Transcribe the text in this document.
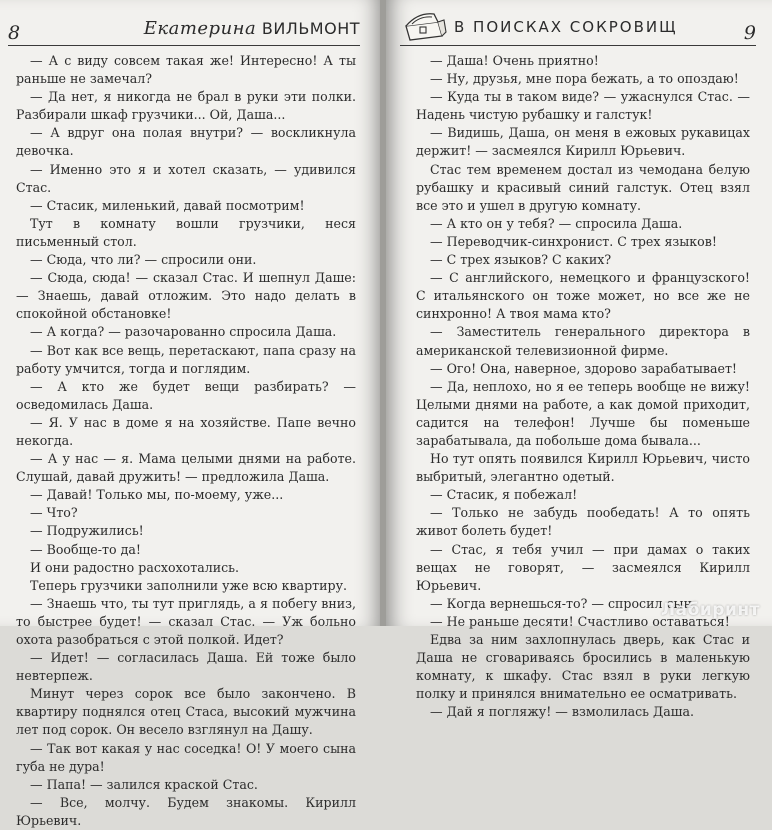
8	Екатерина ВИЛЬМОНТ

— А с виду совсем такая же! Интересно! А ты раньше не замечал?

— Да нет, я никогда не брал в руки эти полки. Разбирали шкаф грузчики... Ой, Даша...

— А вдруг она полая внутри? — воскликнула девочка.

— Именно это я и хотел сказать, — удивился Стас.

— Стасик, миленький, давай посмотрим!

Тут в комнату вошли грузчики, неся письменный стол.

— Сюда, что ли? — спросили они.

— Сюда, сюда! — сказал Стас. И шепнул Даше: — Знаешь, давай отложим. Это надо делать в спокойной обстановке!

— А когда? — разочарованно спросила Даша.

— Вот как все вещь, перетаскают, папа сразу на работу умчится, тогда и поглядим.

— А кто же будет вещи разбирать? — осведомилась Даша.

— Я. У нас в доме я на хозяйстве. Папе вечно некогда.

— А у нас — я. Мама целыми днями на работе. Слушай, давай дружить! — предложила Даша.

— Давай! Только мы, по-моему, уже...

— Что?

— Подружились!

— Вообще-то да!

И они радостно расхохотались.

Теперь грузчики заполнили уже всю квартиру.

— Знаешь что, ты тут приглядь, а я побегу вниз, то быстрее будет! — сказал Стас. — Уж больно охота разобраться с этой полкой. Идет?

— Идет! — согласилась Даша. Ей тоже было невтерпеж.

Минут через сорок все было закончено. В квартиру поднялся отец Стаса, высокий мужчина лет под сорок. Он весело взглянул на Дашу.

— Так вот какая у нас соседка! О! У моего сына губа не дура!

— Папа! — залился краской Стас.

— Все, молчу. Будем знакомы. Кирилл Юрьевич.

В ПОИСКАХ СОКРОВИЩ	9

— Даша! Очень приятно!

— Ну, друзья, мне пора бежать, а то опоздаю!

— Куда ты в таком виде? — ужаснулся Стас. — Надень чистую рубашку и галстук!

— Видишь, Даша, он меня в ежовых рукавицах держит! — засмеялся Кирилл Юрьевич.

Стас тем временем достал из чемодана белую рубашку и красивый синий галстук. Отец взял все это и ушел в другую комнату.

— А кто он у тебя? — спросила Даша.

— Переводчик-синхронист. С трех языков!

— С трех языков? С каких?

— С английского, немецкого и французского! С итальянского он тоже может, но все же не синхронно! А твоя мама кто?

— Заместитель генерального директора в американской телевизионной фирме.

— Ого! Она, наверное, здорово зарабатывает!

— Да, неплохо, но я ее теперь вообще не вижу! Целыми днями на работе, а как домой приходит, садится на телефон! Лучше бы поменьше зарабатывала, да побольше дома бывала...

Но тут опять появился Кирилл Юрьевич, чисто выбритый, элегантно одетый.

— Стасик, я побежал!

— Только не забудь пообедать! А то опять живот болеть будет!

— Стас, я тебя учил — при дамах о таких вещах не говорят, — засмеялся Кирилл Юрьевич.

— Когда вернешься-то? — спросил сын.

— Не раньше десяти! Счастливо оставаться!

Едва за ним захлопнулась дверь, как Стас и Даша не сговариваясь бросились в маленькую комнату, к шкафу. Стас взял в руки легкую полку и принялся внимательно ее осматривать.

— Дай я погляжу! — взмолилась Даша.

Лабиринт
